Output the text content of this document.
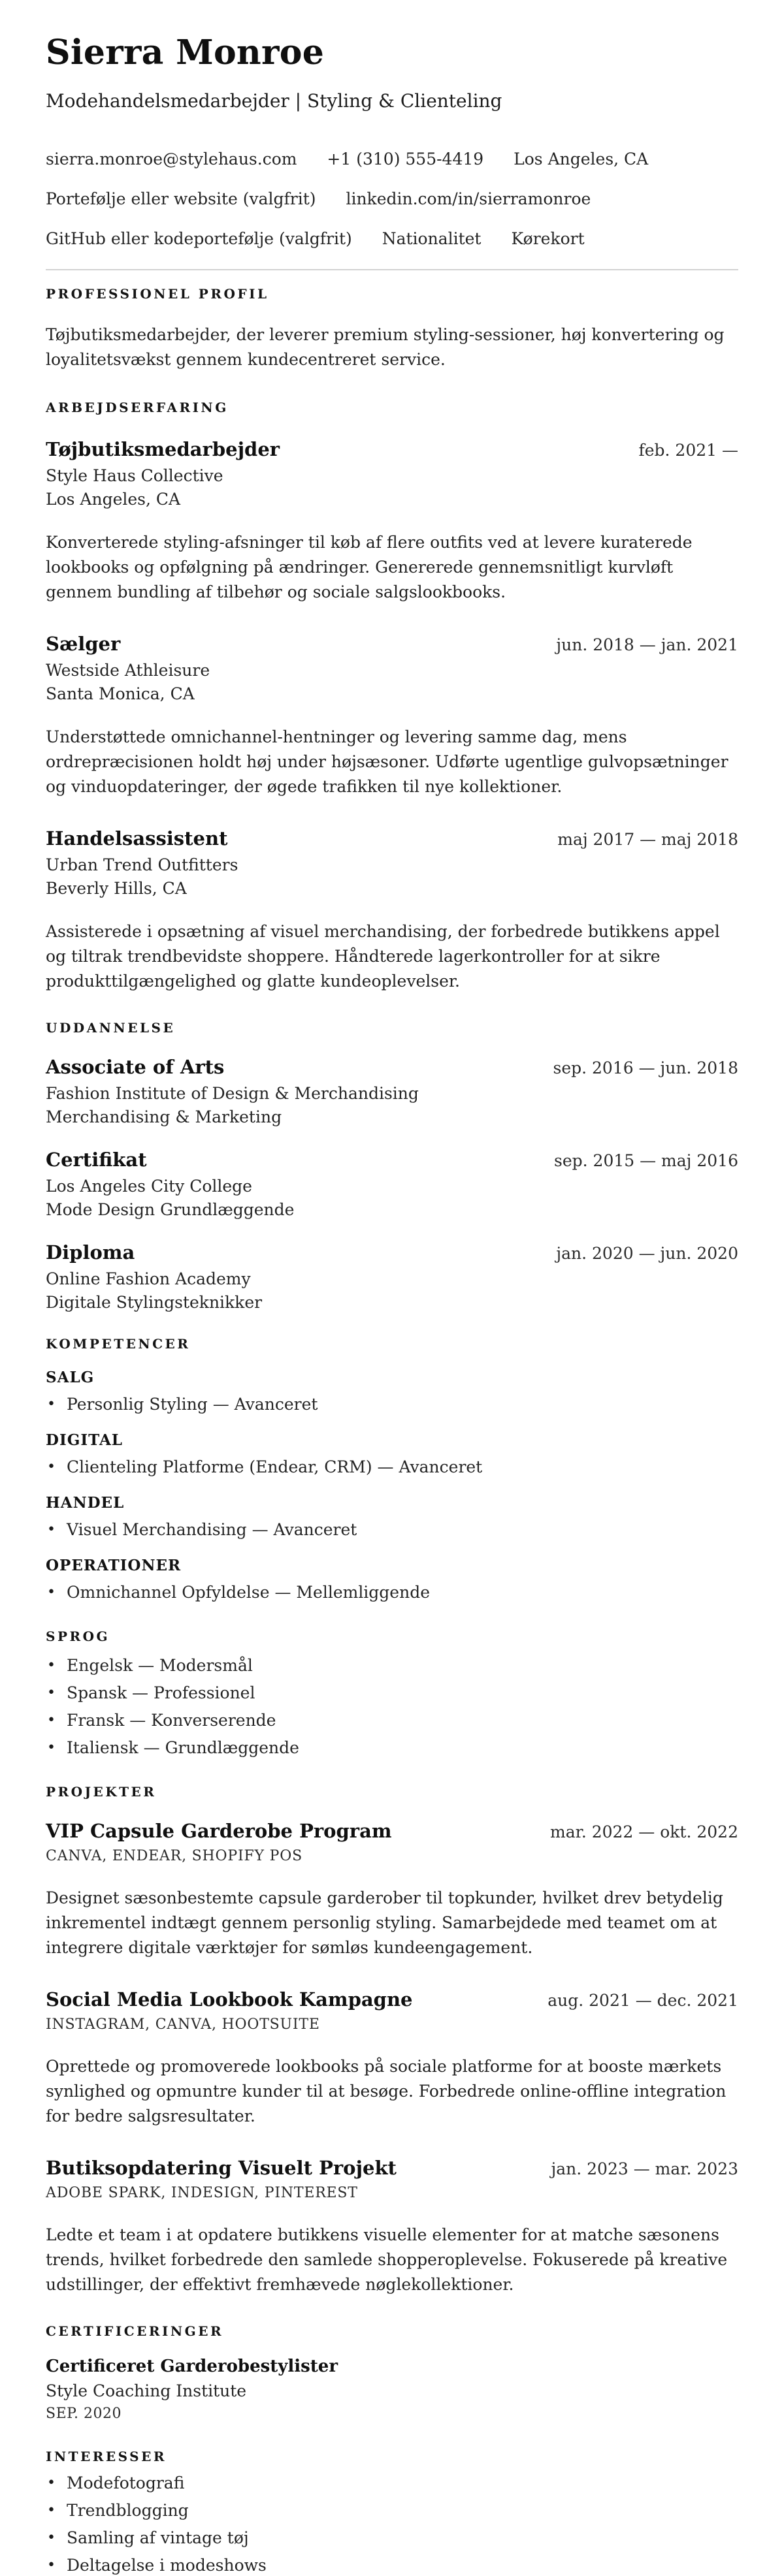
Sierra Monroe
Modehandelsmedarbejder | Styling & Clienteling
sierra.monroe@stylehaus.com +1 (310) 555-4419 Los Angeles, CA
Portefølje eller website (valgfrit) linkedin.com/in/sierramonroe
GitHub eller kodeportefølje (valgfrit) Nationalitet Kørekort
PROFESSIONEL PROFIL

Tøjbutiksmedarbejder, der leverer premium styling-sessioner, høj konvertering og loyalitetsvækst gennem kundecentreret service.

ARBEJDSERFARING
Tøjbutiksmedarbejder	feb. 2021 —
Style Haus Collective
Los Angeles, CA

Konverterede styling-afsninger til køb af flere outfits ved at levere kuraterede lookbooks og opfølgning på ændringer. Genererede gennemsnitligt kurvløft gennem bundling af tilbehør og sociale salgslookbooks.

Sælger	jun. 2018 — jan. 2021
Westside Athleisure
Santa Monica, CA

Understøttede omnichannel-hentninger og levering samme dag, mens ordrepræcisionen holdt høj under højsæsoner. Udførte ugentlige gulvopsætninger og vinduopdateringer, der øgede trafikken til nye kollektioner.

Handelsassistent	maj 2017 — maj 2018
Urban Trend Outfitters
Beverly Hills, CA

Assisterede i opsætning af visuel merchandising, der forbedrede butikkens appel og tiltrak trendbevidste shoppere. Håndterede lagerkontroller for at sikre produkttilgængelighed og glatte kundeoplevelser.

UDDANNELSE
Associate of Arts	sep. 2016 — jun. 2018
Fashion Institute of Design & Merchandising
Merchandising & Marketing
Certifikat	sep. 2015 — maj 2016
Los Angeles City College
Mode Design Grundlæggende
Diploma	jan. 2020 — jun. 2020
Online Fashion Academy
Digitale Stylingsteknikker
KOMPETENCER
SALG
• Personlig Styling — Avanceret
DIGITAL
• Clienteling Platforme (Endear, CRM) — Avanceret
HANDEL
• Visuel Merchandising — Avanceret
OPERATIONER
• Omnichannel Opfyldelse — Mellemliggende
SPROG
• Engelsk — Modersmål
• Spansk — Professionel
• Fransk — Konverserende
• Italiensk — Grundlæggende
PROJEKTER
VIP Capsule Garderobe Program	mar. 2022 — okt. 2022
CANVA, ENDEAR, SHOPIFY POS

Designet sæsonbestemte capsule garderober til topkunder, hvilket drev betydelig inkrementel indtægt gennem personlig styling. Samarbejdede med teamet om at integrere digitale værktøjer for sømløs kundeengagement.

Social Media Lookbook Kampagne	aug. 2021 — dec. 2021
INSTAGRAM, CANVA, HOOTSUITE

Oprettede og promoverede lookbooks på sociale platforme for at booste mærkets synlighed og opmuntre kunder til at besøge. Forbedrede online-offline integration for bedre salgsresultater.

Butiksopdatering Visuelt Projekt	jan. 2023 — mar. 2023
ADOBE SPARK, INDESIGN, PINTEREST

Ledte et team i at opdatere butikkens visuelle elementer for at matche sæsonens trends, hvilket forbedrede den samlede shopperoplevelse. Fokuserede på kreative udstillinger, der effektivt fremhævede nøglekollektioner.

CERTIFICERINGER
Certificeret Garderobestylister
Style Coaching Institute
SEP. 2020
INTERESSER
• Modefotografi
• Trendblogging
• Samling af vintage tøj
• Deltagelse i modeshows
